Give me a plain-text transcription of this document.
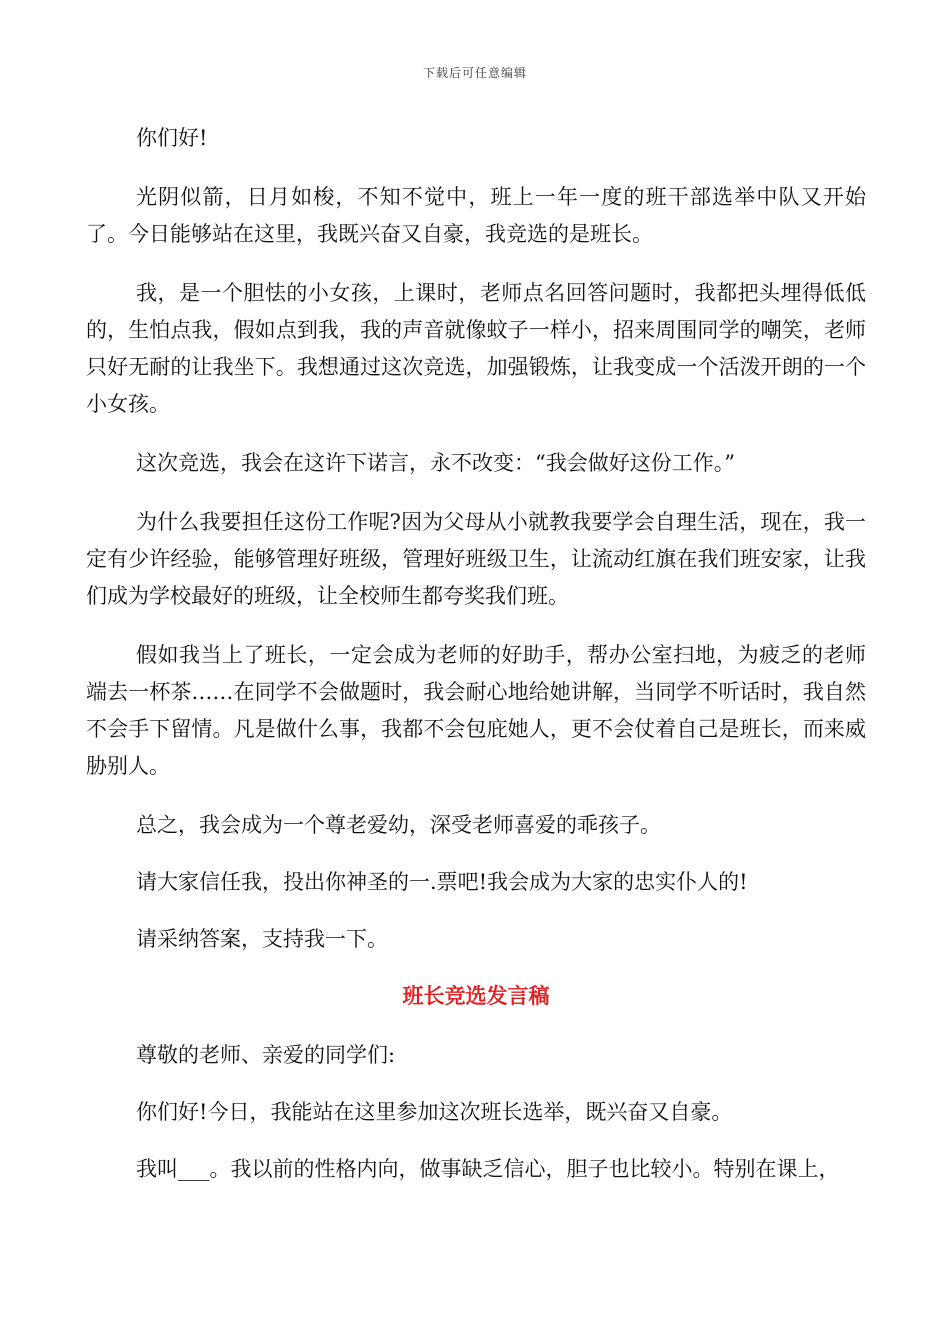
下载后可任意编辑

你们好!

光阴似箭，日月如梭，不知不觉中，班上一年一度的班干部选举中队又开始了。今日能够站在这里，我既兴奋又自豪，我竞选的是班长。

我，是一个胆怯的小女孩，上课时，老师点名回答问题时，我都把头埋得低低的，生怕点我，假如点到我，我的声音就像蚊子一样小，招来周围同学的嘲笑，老师只好无耐的让我坐下。我想通过这次竞选，加强锻炼，让我变成一个活泼开朗的一个小女孩。

这次竞选，我会在这许下诺言，永不改变：“我会做好这份工作。”

为什么我要担任这份工作呢?因为父母从小就教我要学会自理生活，现在，我一定有少许经验，能够管理好班级，管理好班级卫生，让流动红旗在我们班安家，让我们成为学校最好的班级，让全校师生都夸奖我们班。

假如我当上了班长，一定会成为老师的好助手，帮办公室扫地，为疲乏的老师端去一杯茶……在同学不会做题时，我会耐心地给她讲解，当同学不听话时，我自然不会手下留情。凡是做什么事，我都不会包庇她人，更不会仗着自己是班长，而来威胁别人。

总之，我会成为一个尊老爱幼，深受老师喜爱的乖孩子。

请大家信任我，投出你神圣的一.票吧!我会成为大家的忠实仆人的!

请采纳答案，支持我一下。

班长竞选发言稿

尊敬的老师、亲爱的同学们:

你们好!今日，我能站在这里参加这次班长选举，既兴奋又自豪。

我叫___。我以前的性格内向，做事缺乏信心，胆子也比较小。特别在课上，
